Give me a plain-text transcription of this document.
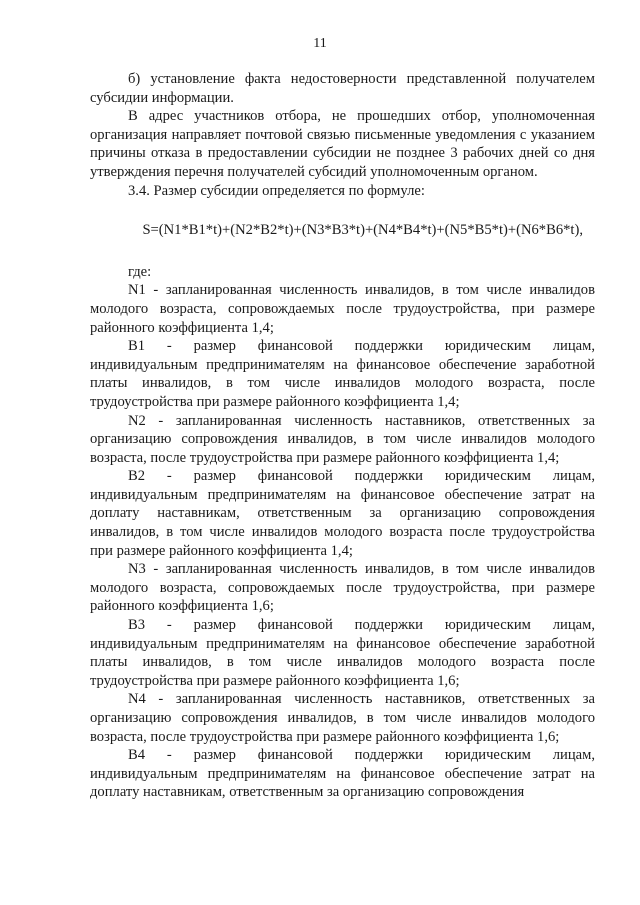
11

б) установление факта недостоверности представленной получателем субсидии информации.

В адрес участников отбора, не прошедших отбор, уполномоченная организация направляет почтовой связью письменные уведомления с указанием причины отказа в предоставлении субсидии не позднее 3 рабочих дней со дня утверждения перечня получателей субсидий уполномоченным органом.

3.4. Размер субсидии определяется по формуле:

S=(N1*B1*t)+(N2*B2*t)+(N3*B3*t)+(N4*B4*t)+(N5*B5*t)+(N6*B6*t),

где:

N1 - запланированная численность инвалидов, в том числе инвалидов молодого возраста, сопровождаемых после трудоустройства, при размере районного коэффициента 1,4;

B1 - размер финансовой поддержки юридическим лицам, индивидуальным предпринимателям на финансовое обеспечение заработной платы инвалидов, в том числе инвалидов молодого возраста, после трудоустройства при размере районного коэффициента 1,4;

N2 - запланированная численность наставников, ответственных за организацию сопровождения инвалидов, в том числе инвалидов молодого возраста, после трудоустройства при размере районного коэффициента 1,4;

B2 - размер финансовой поддержки юридическим лицам, индивидуальным предпринимателям на финансовое обеспечение затрат на доплату наставникам, ответственным за организацию сопровождения инвалидов, в том числе инвалидов молодого возраста после трудоустройства при размере районного коэффициента 1,4;

N3 - запланированная численность инвалидов, в том числе инвалидов молодого возраста, сопровождаемых после трудоустройства, при размере районного коэффициента 1,6;

B3 - размер финансовой поддержки юридическим лицам, индивидуальным предпринимателям на финансовое обеспечение заработной платы инвалидов, в том числе инвалидов молодого возраста после трудоустройства при размере районного коэффициента 1,6;

N4 - запланированная численность наставников, ответственных за организацию сопровождения инвалидов, в том числе инвалидов молодого возраста, после трудоустройства при размере районного коэффициента 1,6;

B4 - размер финансовой поддержки юридическим лицам, индивидуальным предпринимателям на финансовое обеспечение затрат на доплату наставникам, ответственным за организацию сопровождения
